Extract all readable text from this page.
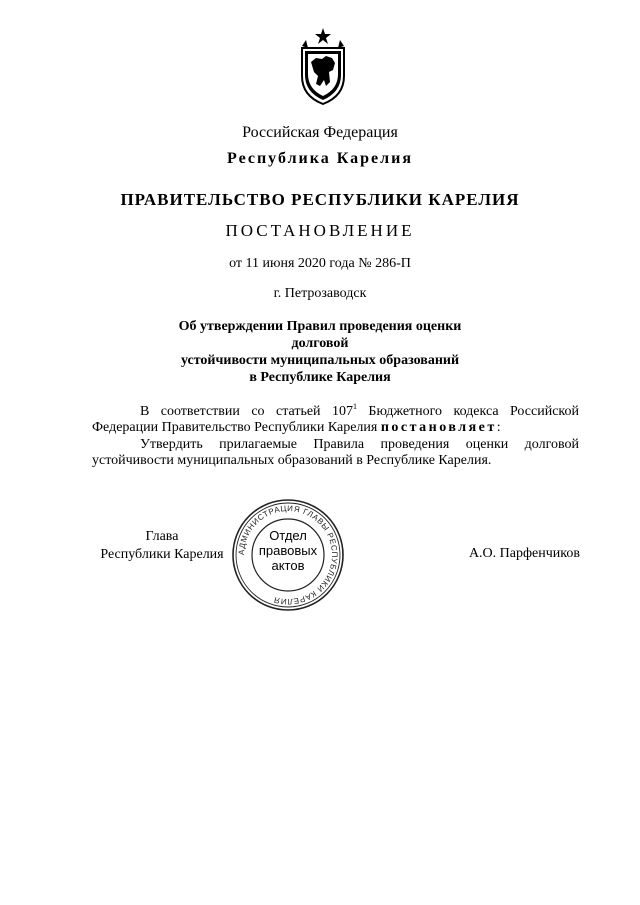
Российская Федерация
Республика Карелия
ПРАВИТЕЛЬСТВО РЕСПУБЛИКИ КАРЕЛИЯ
ПОСТАНОВЛЕНИЕ
от 11 июня 2020 года № 286-П
г. Петрозаводск
Об утверждении Правил проведения оценки долговой
устойчивости муниципальных образований
в Республике Карелия
В соответствии со статьей $107^1$ Бюджетного кодекса Российской Федерации Правительство Республики Карелия постановляет:
Утвердить прилагаемые Правила проведения оценки долговой устойчивости муниципальных образований в Республике Карелия.
Глава
Республики Карелия	АДМИНИСТРАЦИЯ ГЛАВЫ РЕСПУБЛИКИ КАРЕЛИЯ
Отдел
правовых
актов
А.О. Парфенчиков
